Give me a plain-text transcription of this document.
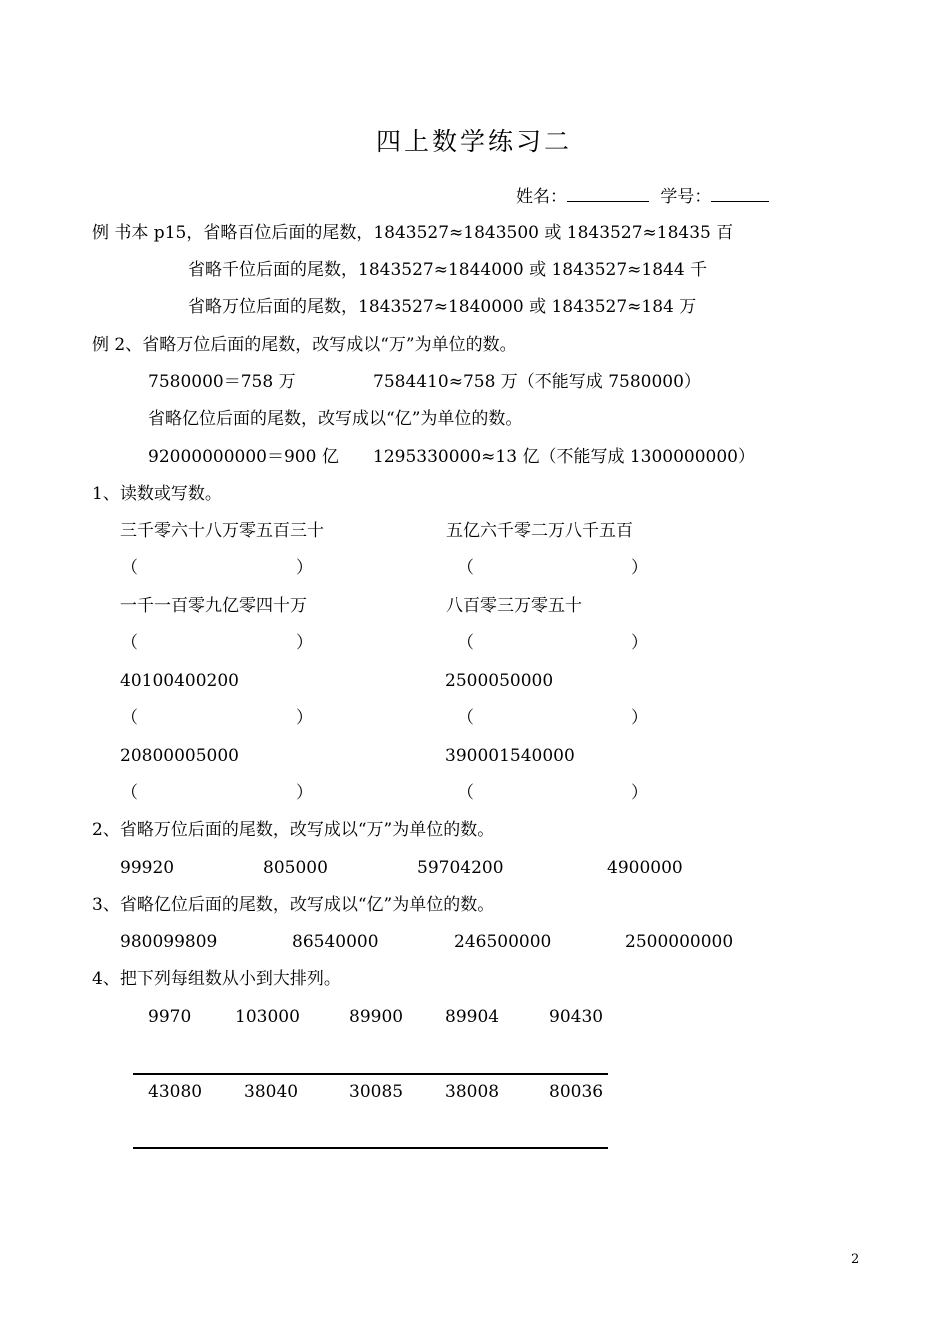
四上数学练习二
姓名：	学号：
例 书本 p15，省略百位后面的尾数，1843527≈1843500 或 1843527≈18435 百
省略千位后面的尾数，1843527≈1844000 或 1843527≈1844 千
省略万位后面的尾数，1843527≈1840000 或 1843527≈184 万
例 2、省略万位后面的尾数，改写成以“万”为单位的数。
7580000＝758 万	7584410≈758 万（不能写成 7580000）
省略亿位后面的尾数，改写成以“亿”为单位的数。
92000000000＝900 亿 1295330000≈13 亿（不能写成 1300000000）
1、读数或写数。
三千零六十八万零五百三十	五亿六千零二万八千五百
（	）	（	）
一千一百零九亿零四十万	八百零三万零五十
（	）	（	）
40100400200	2500050000
（	）	（	）
20800005000	390001540000
（	）	（	）
2、省略万位后面的尾数，改写成以“万”为单位的数。
99920	805000	59704200	4900000
3、省略亿位后面的尾数，改写成以“亿”为单位的数。
980099809	86540000	246500000	2500000000
4、把下列每组数从小到大排列。
9970	103000	89900 89904	90430
43080 38040	30085 38008	80036
2
